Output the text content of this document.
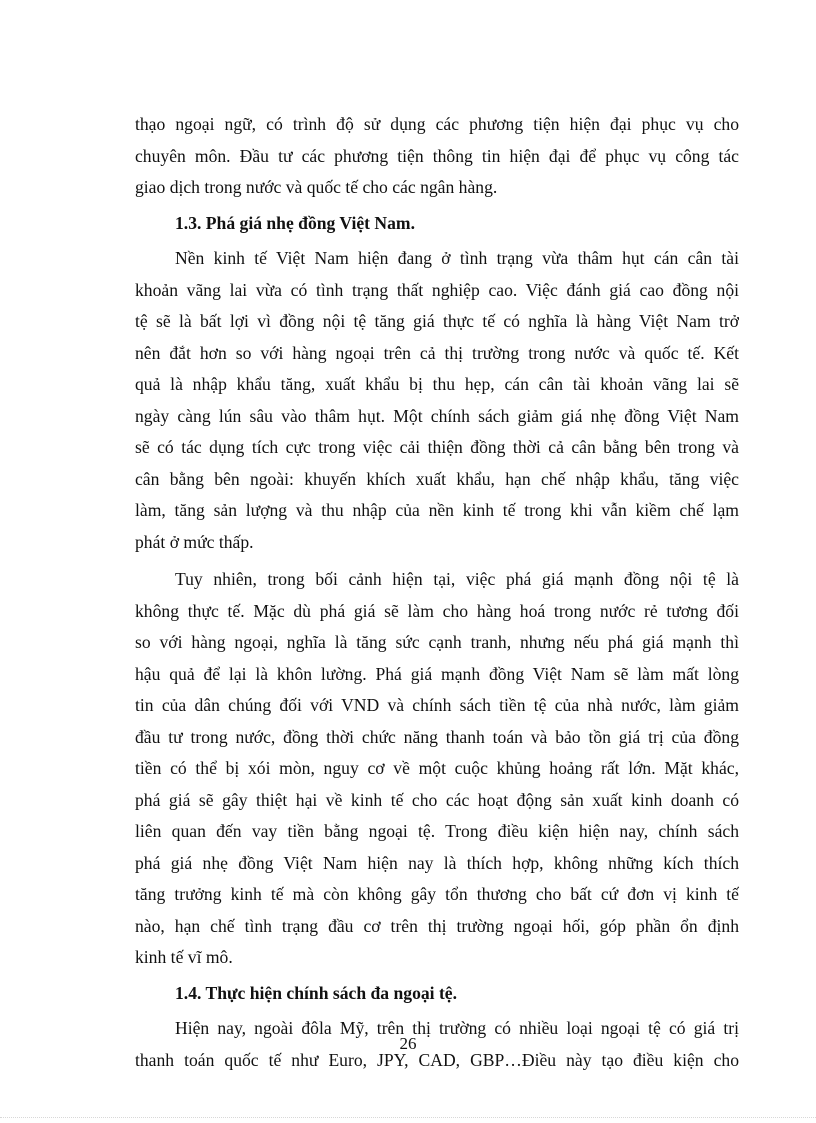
thạo ngoại ngữ, có trình độ sử dụng các phương tiện hiện đại phục vụ cho
chuyên môn. Đầu tư các phương tiện thông tin hiện đại để phục vụ công tác
giao dịch trong nước và quốc tế cho các ngân hàng.
1.3. Phá giá nhẹ đồng Việt Nam.
Nền kinh tế Việt Nam hiện đang ở tình trạng vừa thâm hụt cán cân tài
khoản vãng lai vừa có tình trạng thất nghiệp cao. Việc đánh giá cao đồng nội
tệ sẽ là bất lợi vì đồng nội tệ tăng giá thực tế có nghĩa là hàng Việt Nam trở
nên đắt hơn so với hàng ngoại trên cả thị trường trong nước và quốc tế. Kết
quả là nhập khẩu tăng, xuất khẩu bị thu hẹp, cán cân tài khoản vãng lai sẽ
ngày càng lún sâu vào thâm hụt. Một chính sách giảm giá nhẹ đồng Việt Nam
sẽ có tác dụng tích cực trong việc cải thiện đồng thời cả cân bằng bên trong và
cân bằng bên ngoài: khuyến khích xuất khẩu, hạn chế nhập khẩu, tăng việc
làm, tăng sản lượng và thu nhập của nền kinh tế trong khi vẫn kiềm chế lạm
phát ở mức thấp.
Tuy nhiên, trong bối cảnh hiện tại, việc phá giá mạnh đồng nội tệ là
không thực tế. Mặc dù phá giá sẽ làm cho hàng hoá trong nước rẻ tương đối
so với hàng ngoại, nghĩa là tăng sức cạnh tranh, nhưng nếu phá giá mạnh thì
hậu quả để lại là khôn lường. Phá giá mạnh đồng Việt Nam sẽ làm mất lòng
tin của dân chúng đối với VND và chính sách tiền tệ của nhà nước, làm giảm
đầu tư trong nước, đồng thời chức năng thanh toán và bảo tồn giá trị của đồng
tiền có thể bị xói mòn, nguy cơ về một cuộc khủng hoảng rất lớn. Mặt khác,
phá giá sẽ gây thiệt hại về kinh tế cho các hoạt động sản xuất kinh doanh có
liên quan đến vay tiền bằng ngoại tệ. Trong điều kiện hiện nay, chính sách
phá giá nhẹ đồng Việt Nam hiện nay là thích hợp, không những kích thích
tăng trưởng kinh tế mà còn không gây tổn thương cho bất cứ đơn vị kinh tế
nào, hạn chế tình trạng đầu cơ trên thị trường ngoại hối, góp phần ổn định
kinh tế vĩ mô.
1.4. Thực hiện chính sách đa ngoại tệ.
Hiện nay, ngoài đôla Mỹ, trên thị trường có nhiều loại ngoại tệ có giá trị
thanh toán quốc tế như Euro, JPY, CAD, GBP…Điều này tạo điều kiện cho
26
